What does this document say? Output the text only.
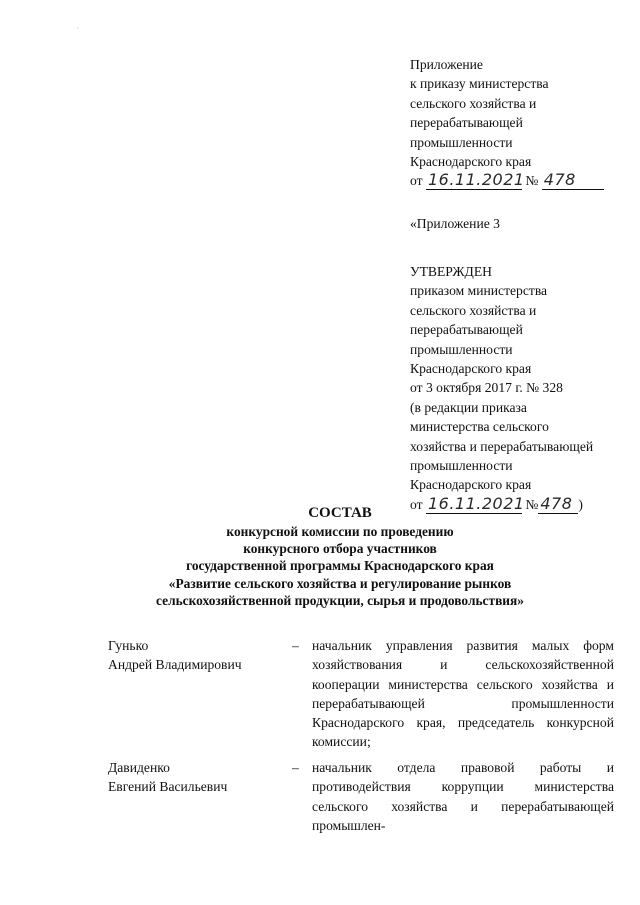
˙
Приложение
к приказу министерства
сельского хозяйства и
перерабатывающей
промышленности
Краснодарского края
от 16.11.2021 № 478
«Приложение 3
УТВЕРЖДЕН
приказом министерства
сельского хозяйства и
перерабатывающей
промышленности
Краснодарского края
от 3 октября 2017 г. № 328
(в редакции приказа
министерства сельского
хозяйства и перерабатывающей
промышленности
Краснодарского края
от 16.11.2021 № 478 )
СОСТАВ
конкурсной комиссии по проведению
конкурсного отбора участников
государственной программы Краснодарского края
«Развитие сельского хозяйства и регулирование рынков
сельскохозяйственной продукции, сырья и продовольствия»
Гунько
Андрей Владимирович
– начальник управления развития малых форм хозяйствования и сельскохозяйственной кооперации министерства сельского хозяйства и перерабатывающей промышленности Краснодарского края, председатель конкурсной комиссии;
Давиденко
Евгений Васильевич
– начальник отдела правовой работы и противодействия коррупции министерства сельского хозяйства и перерабатывающей промышлен-
